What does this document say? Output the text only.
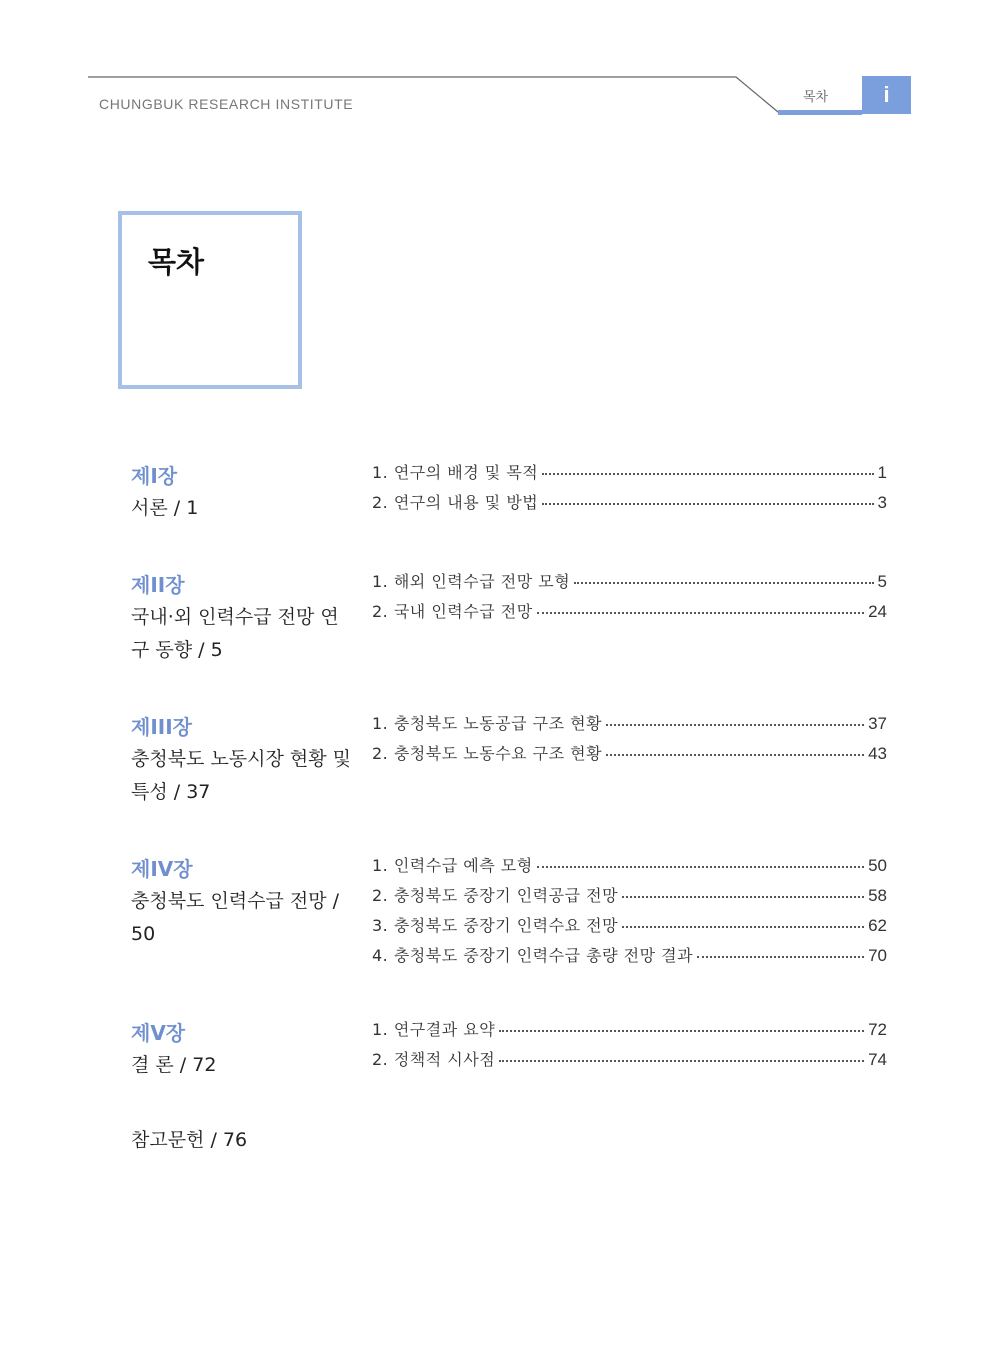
CHUNGBUK RESEARCH INSTITUTE	목차	i
목차
제I장
서론 / 1
1. 연구의 배경 및 목적	1
2. 연구의 내용 및 방법	3
제II장
국내·외 인력수급 전망 연구 동향 / 5
1. 해외 인력수급 전망 모형	5
2. 국내 인력수급 전망	24
제III장
충청북도 노동시장 현황 및 특성 / 37
1. 충청북도 노동공급 구조 현황	37
2. 충청북도 노동수요 구조 현황	43
제IV장
충청북도 인력수급 전망 / 50
1. 인력수급 예측 모형	50
2. 충청북도 중장기 인력공급 전망	58
3. 충청북도 중장기 인력수요 전망	62
4. 충청북도 중장기 인력수급 총량 전망 결과	70
제V장
결 론 / 72
1. 연구결과 요약	72
2. 정책적 시사점	74
참고문헌 / 76
